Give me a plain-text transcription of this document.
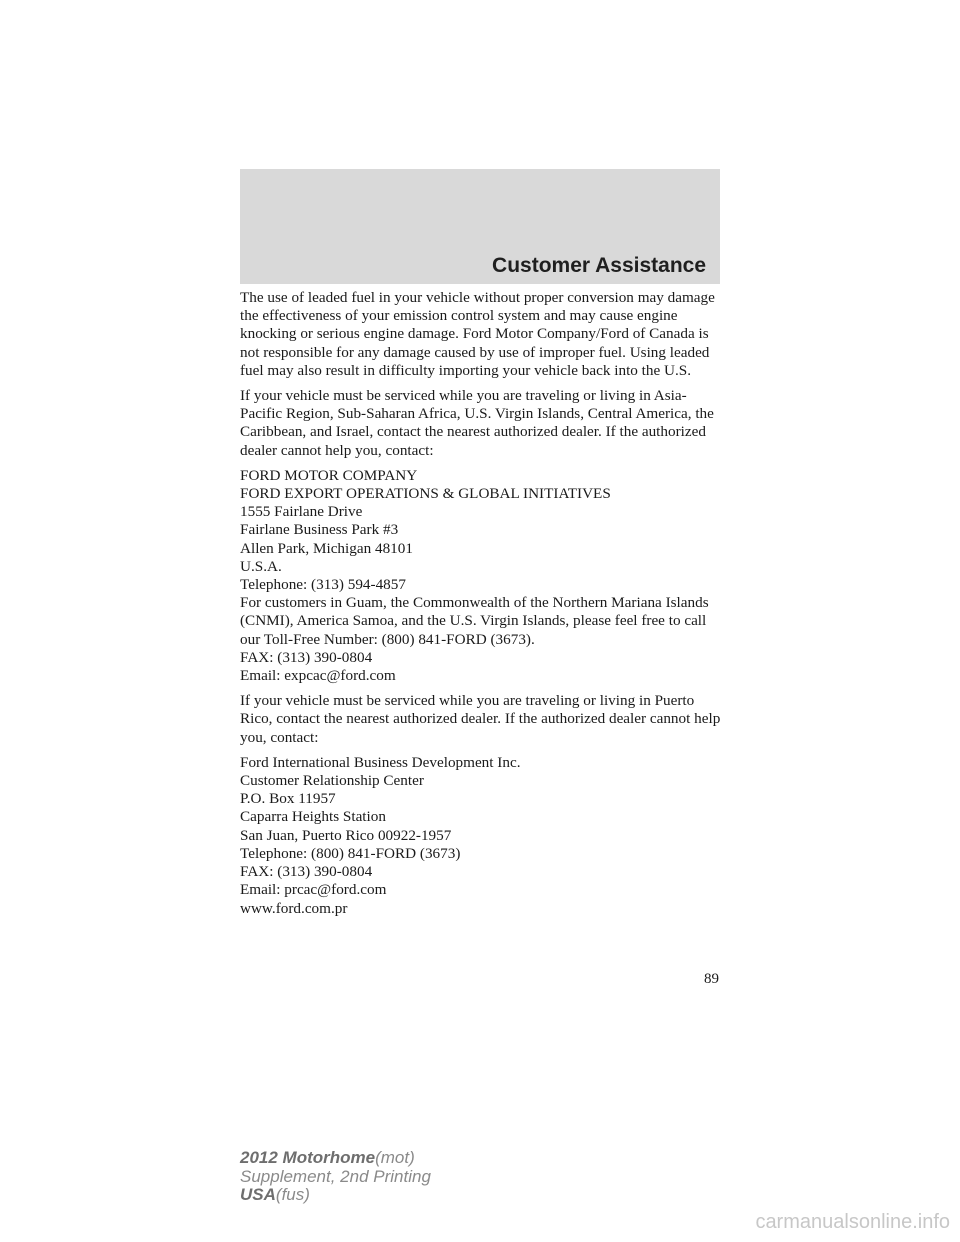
Customer Assistance

The use of leaded fuel in your vehicle without proper conversion may damage the effectiveness of your emission control system and may cause engine knocking or serious engine damage. Ford Motor Company/Ford of Canada is not responsible for any damage caused by use of improper fuel. Using leaded fuel may also result in difficulty importing your vehicle back into the U.S.

If your vehicle must be serviced while you are traveling or living in Asia-Pacific Region, Sub-Saharan Africa, U.S. Virgin Islands, Central America, the Caribbean, and Israel, contact the nearest authorized dealer. If the authorized dealer cannot help you, contact:

FORD MOTOR COMPANY
FORD EXPORT OPERATIONS & GLOBAL INITIATIVES
1555 Fairlane Drive
Fairlane Business Park #3
Allen Park, Michigan 48101
U.S.A.
Telephone: (313) 594-4857
For customers in Guam, the Commonwealth of the Northern Mariana Islands (CNMI), America Samoa, and the U.S. Virgin Islands, please feel free to call our Toll-Free Number: (800) 841-FORD (3673).
FAX: (313) 390-0804
Email: expcac@ford.com

If your vehicle must be serviced while you are traveling or living in Puerto Rico, contact the nearest authorized dealer. If the authorized dealer cannot help you, contact:

Ford International Business Development Inc.
Customer Relationship Center
P.O. Box 11957
Caparra Heights Station
San Juan, Puerto Rico 00922-1957
Telephone: (800) 841-FORD (3673)
FAX: (313) 390-0804
Email: prcac@ford.com
www.ford.com.pr
89
2012 Motorhome(mot)
Supplement, 2nd Printing
USA(fus)
carmanualsonline.info
